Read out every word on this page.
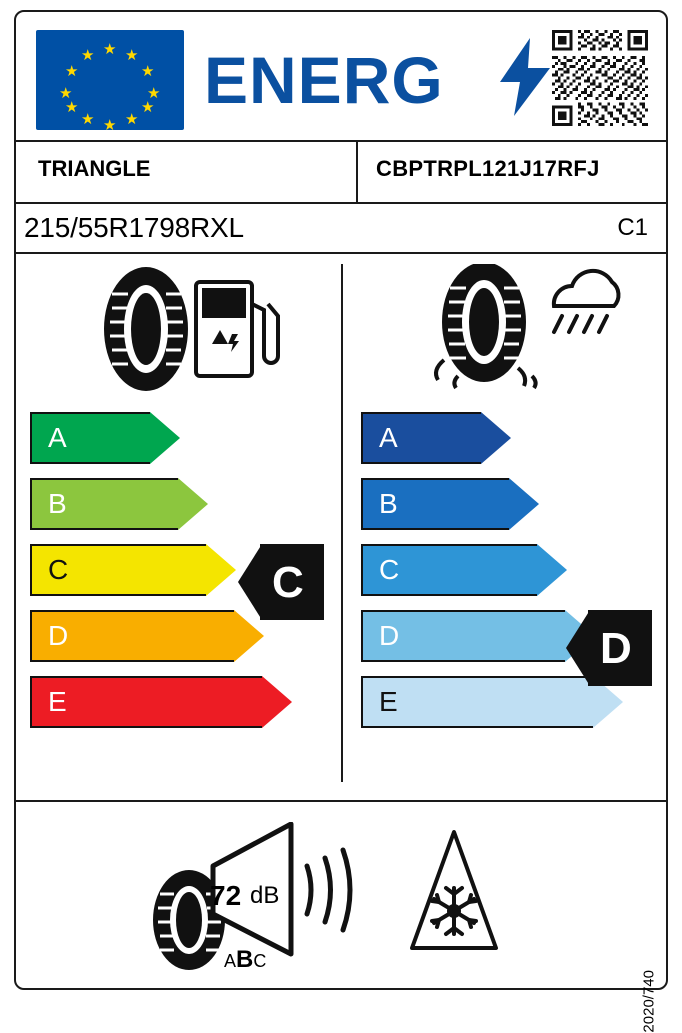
★ ★
★
★
★
★
★
★
★
★
★
★ ENERG
TRIANGLE	CBPTRPL121J17RFJ
215/55R1798RXL	C1
A
B
C
D
E
C
A
B
C
D
E
D
72 dB
ABC
2020/740
